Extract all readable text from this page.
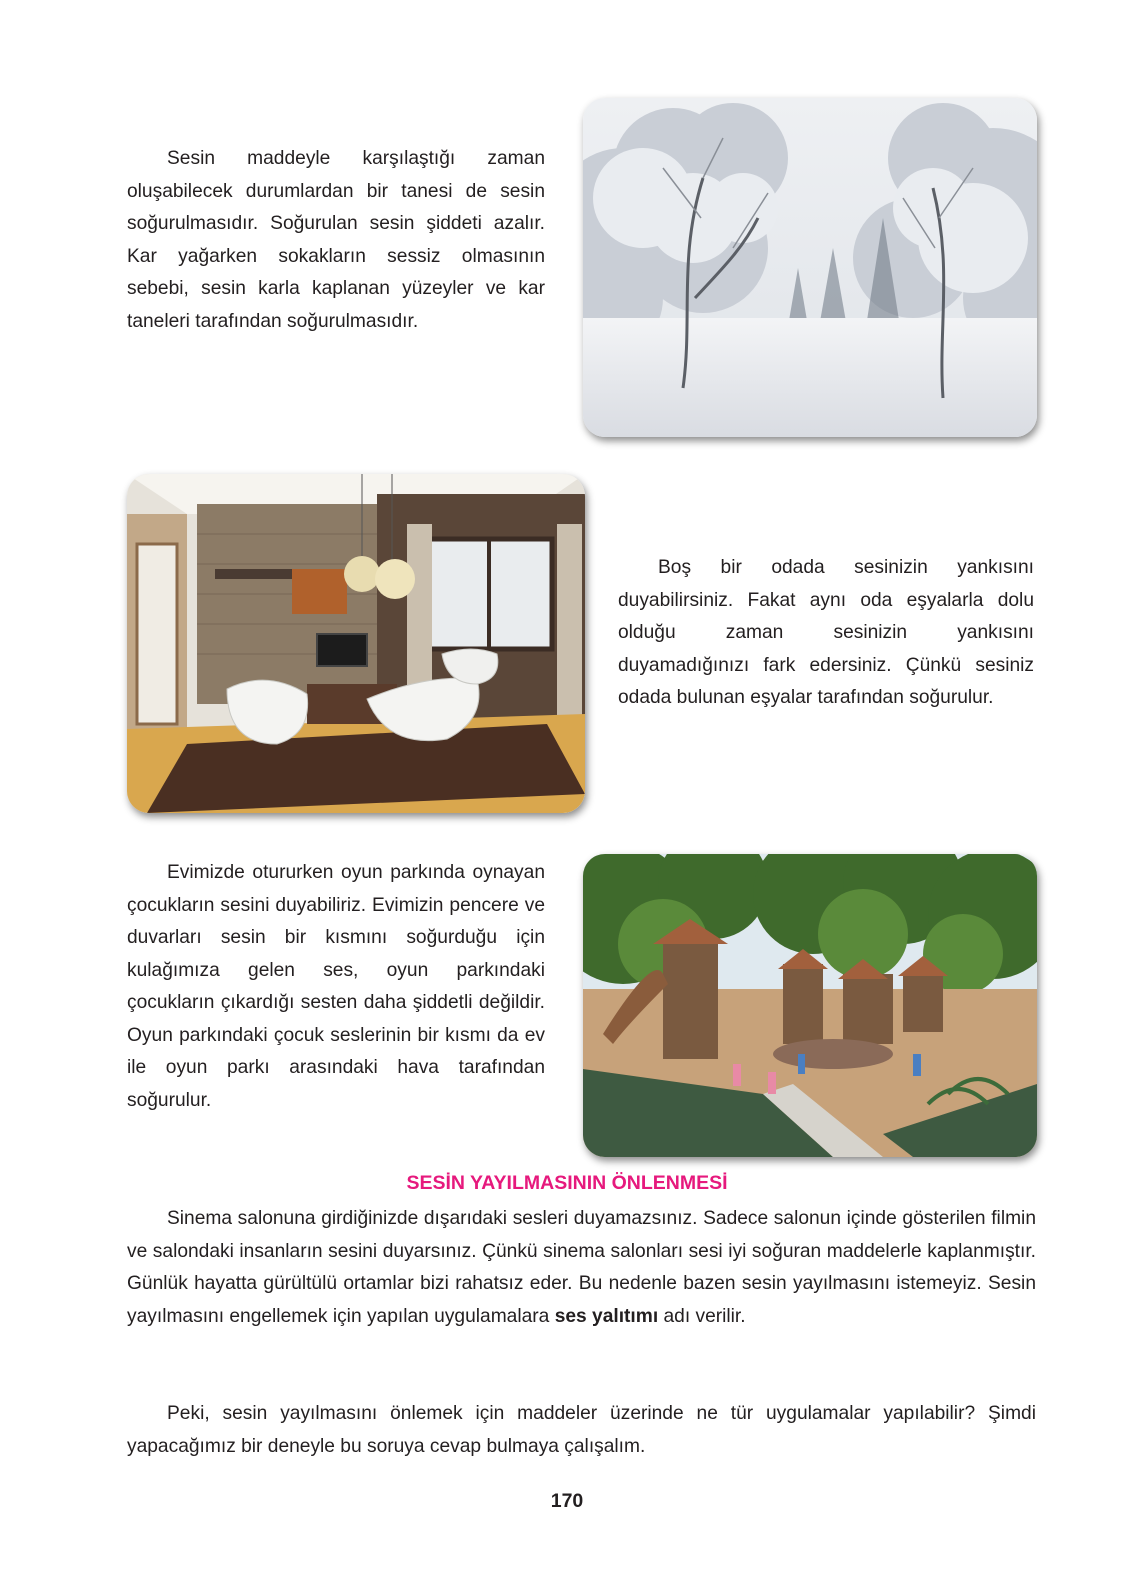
Sesin maddeyle karşılaştığı zaman oluşabilecek durumlardan bir tanesi de sesin soğurulmasıdır. Soğurulan sesin şiddeti azalır. Kar yağarken sokakların sessiz olmasının sebebi, sesin karla kaplanan yüzeyler ve kar taneleri tarafından soğurulmasıdır.

Boş bir odada sesinizin yankısını duyabilirsiniz. Fakat aynı oda eşyalarla dolu olduğu zaman sesinizin yankısını duyamadığınızı fark edersiniz. Çünkü sesiniz odada bulunan eşyalar tarafından soğurulur.

Evimizde otururken oyun parkında oynayan çocukların sesini duyabiliriz. Evimizin pencere ve duvarları sesin bir kısmını soğurduğu için kulağımıza gelen ses, oyun parkındaki çocukların çıkardığı sesten daha şiddetli değildir. Oyun parkındaki çocuk seslerinin bir kısmı da ev ile oyun parkı arasındaki hava tarafından soğurulur.

SESİN YAYILMASININ ÖNLENMESİ

Sinema salonuna girdiğinizde dışarıdaki sesleri duyamazsınız. Sadece salonun içinde gösterilen filmin ve salondaki insanların sesini duyarsınız. Çünkü sinema salonları sesi iyi soğuran maddelerle kaplanmıştır. Günlük hayatta gürültülü ortamlar bizi rahatsız eder. Bu nedenle bazen sesin yayılmasını istemeyiz. Sesin yayılmasını engellemek için yapılan uygulamalara ses yalıtımı adı verilir.

Peki, sesin yayılmasını önlemek için maddeler üzerinde ne tür uygulamalar yapılabilir? Şimdi yapacağımız bir deneyle bu soruya cevap bulmaya çalışalım.

170
